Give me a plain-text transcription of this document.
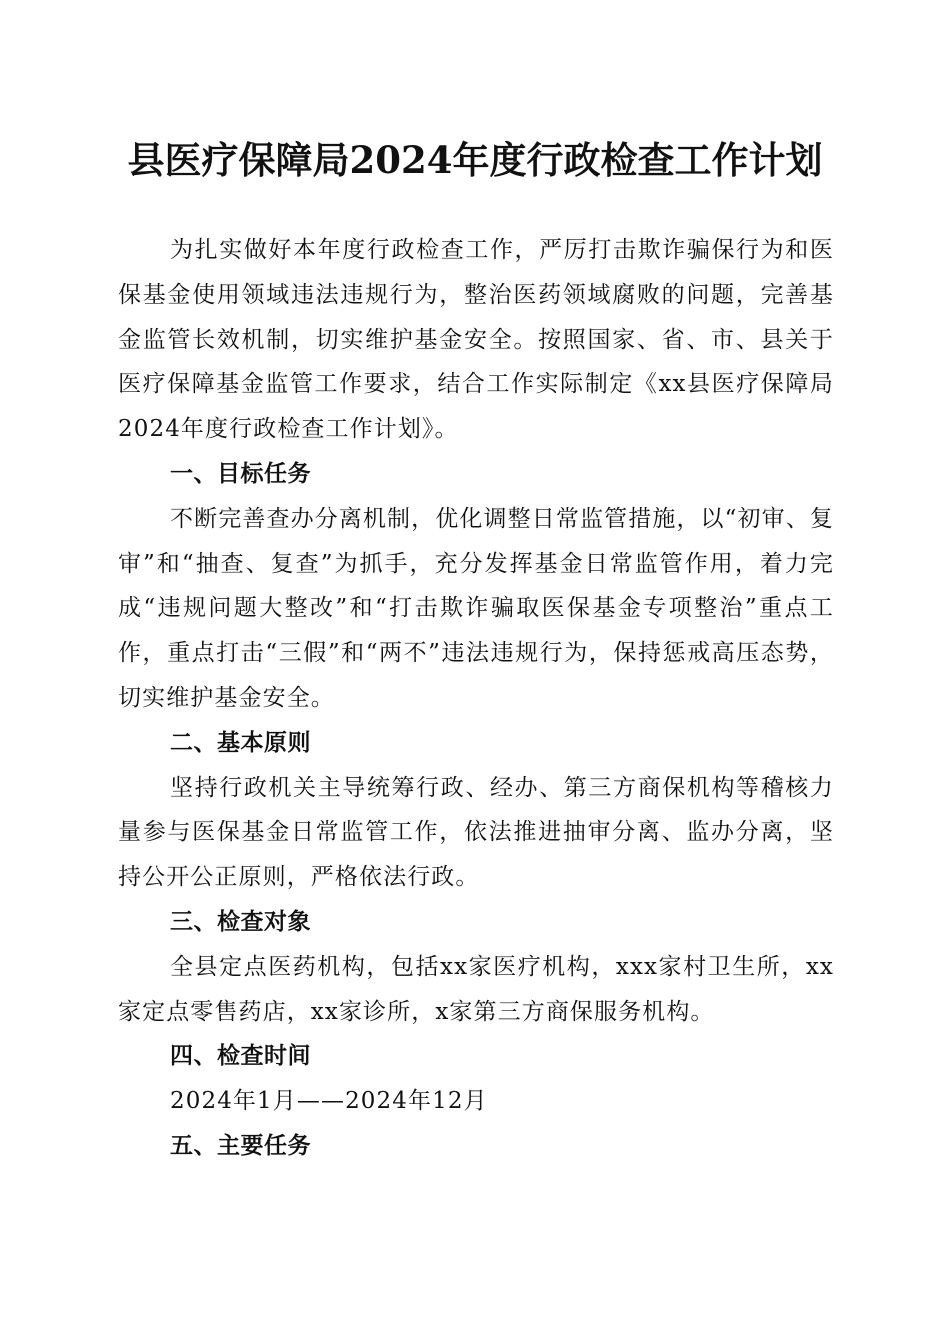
县医疗保障局2024年度行政检查工作计划

为扎实做好本年度行政检查工作，严厉打击欺诈骗保行为和医保基金使用领域违法违规行为，整治医药领域腐败的问题，完善基金监管长效机制，切实维护基金安全。按照国家、省、市、县关于医疗保障基金监管工作要求，结合工作实际制定《xx县医疗保障局2024年度行政检查工作计划》。

一、目标任务

不断完善查办分离机制，优化调整日常监管措施，以“初审、复审”和“抽查、复查”为抓手，充分发挥基金日常监管作用，着力完成“违规问题大整改”和“打击欺诈骗取医保基金专项整治”重点工作，重点打击“三假”和“两不”违法违规行为，保持惩戒高压态势，切实维护基金安全。

二、基本原则

坚持行政机关主导统筹行政、经办、第三方商保机构等稽核力量参与医保基金日常监管工作，依法推进抽审分离、监办分离，坚持公开公正原则，严格依法行政。

三、检查对象

全县定点医药机构，包括xx家医疗机构，xxx家村卫生所，xx家定点零售药店，xx家诊所，x家第三方商保服务机构。

四、检查时间

2024年1月——2024年12月

五、主要任务
